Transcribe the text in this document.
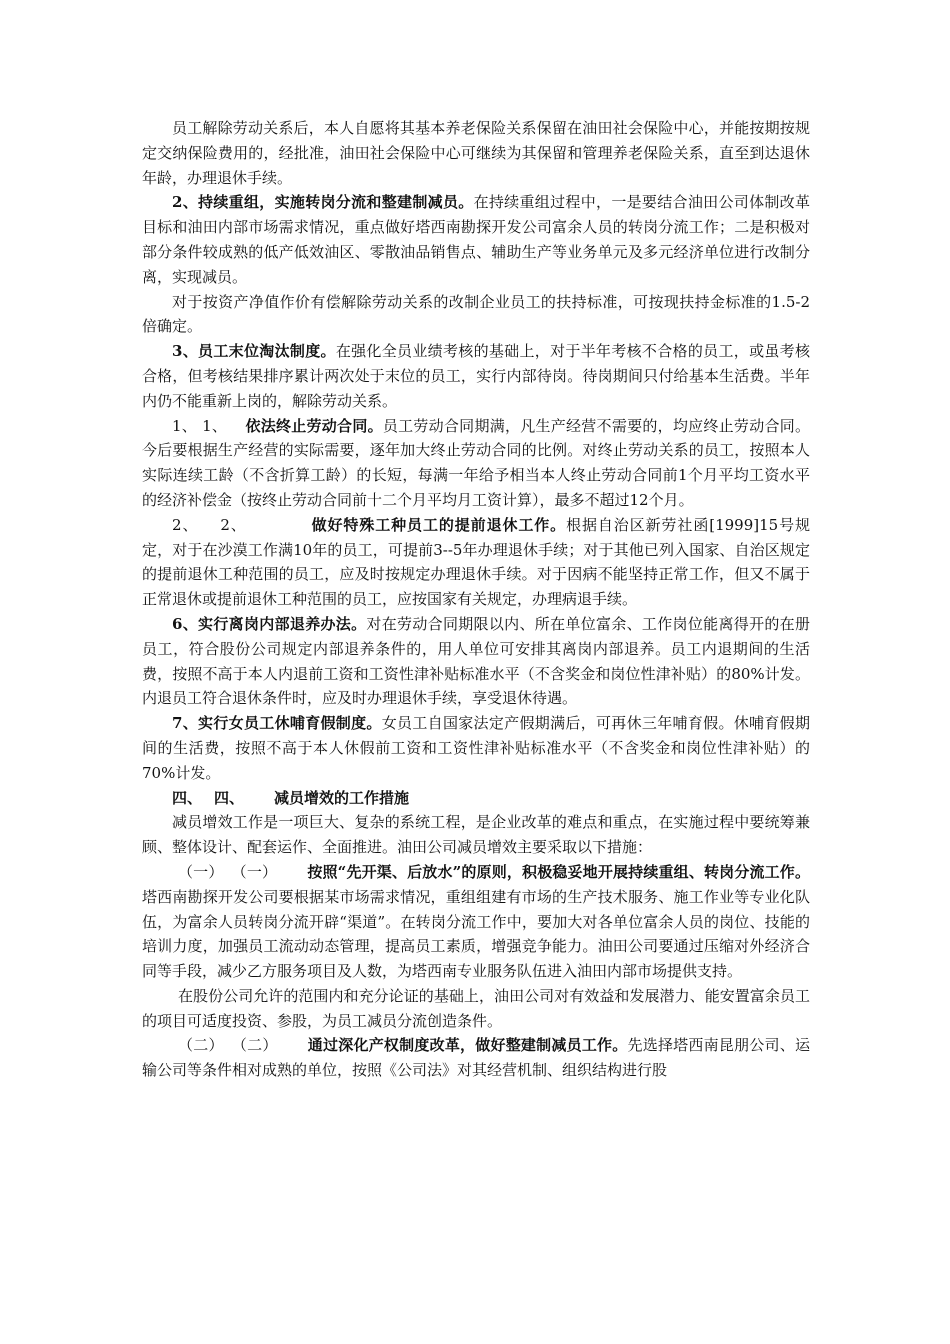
员工解除劳动关系后，本人自愿将其基本养老保险关系保留在油田社会保险中心，并能按期按规定交纳保险费用的，经批准，油田社会保险中心可继续为其保留和管理养老保险关系，直至到达退休年龄，办理退休手续。

2、持续重组，实施转岗分流和整建制减员。在持续重组过程中，一是要结合油田公司体制改革目标和油田内部市场需求情况，重点做好塔西南勘探开发公司富余人员的转岗分流工作；二是积极对部分条件较成熟的低产低效油区、零散油品销售点、辅助生产等业务单元及多元经济单位进行改制分离，实现减员。

对于按资产净值作价有偿解除劳动关系的改制企业员工的扶持标准，可按现扶持金标准的1.5-2倍确定。

3、员工末位淘汰制度。在强化全员业绩考核的基础上，对于半年考核不合格的员工，或虽考核合格，但考核结果排序累计两次处于末位的员工，实行内部待岗。待岗期间只付给基本生活费。半年内仍不能重新上岗的，解除劳动关系。

1、 1、 依法终止劳动合同。员工劳动合同期满，凡生产经营不需要的，均应终止劳动合同。今后要根据生产经营的实际需要，逐年加大终止劳动合同的比例。对终止劳动关系的员工，按照本人实际连续工龄（不含折算工龄）的长短，每满一年给予相当本人终止劳动合同前1个月平均工资水平的经济补偿金（按终止劳动合同前十二个月平均月工资计算），最多不超过12个月。

2、 2、	做好特殊工种员工的提前退休工作。根据自治区新劳社函[1999]15号规定，对于在沙漠工作满10年的员工，可提前3--5年办理退休手续；对于其他已列入国家、自治区规定的提前退休工种范围的员工，应及时按规定办理退休手续。对于因病不能坚持正常工作，但又不属于正常退休或提前退休工种范围的员工，应按国家有关规定，办理病退手续。

6、实行离岗内部退养办法。对在劳动合同期限以内、所在单位富余、工作岗位能离得开的在册员工，符合股份公司规定内部退养条件的，用人单位可安排其离岗内部退养。员工内退期间的生活费，按照不高于本人内退前工资和工资性津补贴标准水平（不含奖金和岗位性津补贴）的80%计发。内退员工符合退休条件时，应及时办理退休手续，享受退休待遇。

7、实行女员工休哺育假制度。女员工自国家法定产假期满后，可再休三年哺育假。休哺育假期间的生活费，按照不高于本人休假前工资和工资性津补贴标准水平（不含奖金和岗位性津补贴）的70%计发。

四、 四、 减员增效的工作措施

减员增效工作是一项巨大、复杂的系统工程，是企业改革的难点和重点，在实施过程中要统筹兼顾、整体设计、配套运作、全面推进。油田公司减员增效主要采取以下措施：

（一） （一） 按照“先开渠、后放水”的原则，积极稳妥地开展持续重组、转岗分流工作。塔西南勘探开发公司要根据某市场需求情况，重组组建有市场的生产技术服务、施工作业等专业化队伍，为富余人员转岗分流开辟“渠道”。在转岗分流工作中，要加大对各单位富余人员的岗位、技能的培训力度，加强员工流动动态管理，提高员工素质，增强竞争能力。油田公司要通过压缩对外经济合同等手段，减少乙方服务项目及人数，为塔西南专业服务队伍进入油田内部市场提供支持。

在股份公司允许的范围内和充分论证的基础上，油田公司对有效益和发展潜力、能安置富余员工的项目可适度投资、参股，为员工减员分流创造条件。

（二） （二） 通过深化产权制度改革，做好整建制减员工作。先选择塔西南昆朋公司、运输公司等条件相对成熟的单位，按照《公司法》对其经营机制、组织结构进行股
